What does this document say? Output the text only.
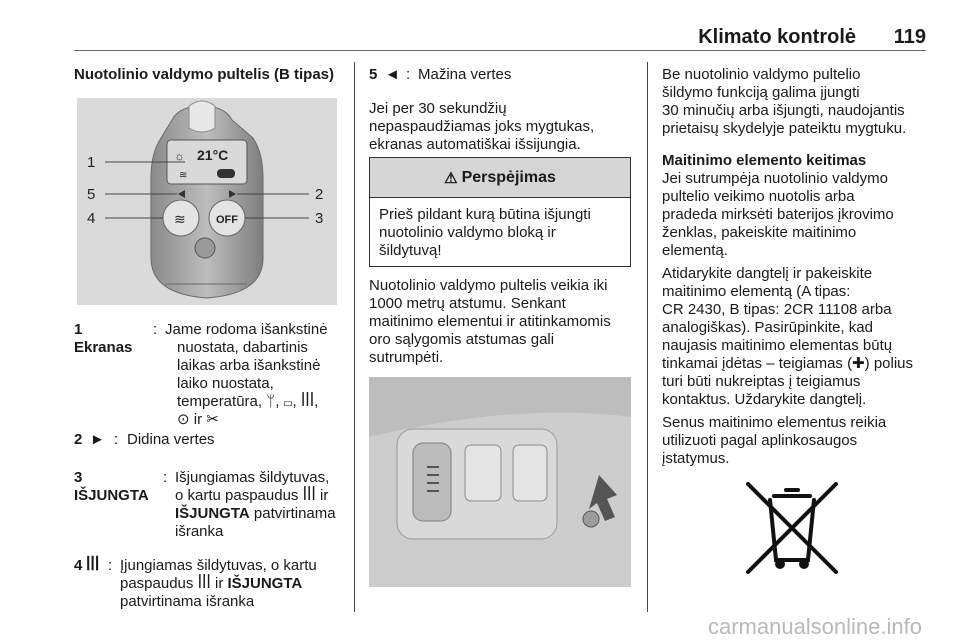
Klimato kontrolė	119
Nuotolinio valdymo pultelis (B tipas)
21°C
☼
≋
≋	OFF
1
2
3
4
5
1
Ekranas
: Jame rodoma išankstinė
nuostata, dabartinis
laikas arba išankstinė
laiko nuostata,
temperatūra, ᛘ, ▭, ꟾꟾꟾ,
⊙ ir ✂
2 ► : Didina vertes
3
IŠJUNGTA
: Išjungiamas šildytuvas,
o kartu paspaudus ꟾꟾꟾ ir
IŠJUNGTA patvirtinama
išranka
4 ꟾꟾꟾ : Įjungiamas šildytuvas, o kartu
paspaudus ꟾꟾꟾ ir IŠJUNGTA
patvirtinama išranka
5 ◄ : Mažina vertes
Jei per 30 sekundžių
nepaspaudžiamas joks mygtukas,
ekranas automatiškai išsijungia.
⚠ Perspėjimas
Prieš pildant kurą būtina išjungti
nuotolinio valdymo bloką ir
šildytuvą!
Nuotolinio valdymo pultelis veikia iki
1000 metrų atstumu. Senkant
maitinimo elementui ir atitinkamomis
oro sąlygomis atstumas gali
sutrumpėti.
Be nuotolinio valdymo pultelio
šildymo funkciją galima įjungti
30 minučių arba išjungti, naudojantis
prietaisų skydelyje pateiktu mygtuku.
Maitinimo elemento keitimas
Jei sutrumpėja nuotolinio valdymo
pultelio veikimo nuotolis arba
pradeda mirksėti baterijos įkrovimo
ženklas, pakeiskite maitinimo
elementą.
Atidarykite dangtelį ir pakeiskite
maitinimo elementą (A tipas:
CR 2430, B tipas: 2CR 11108 arba
analogiškas). Pasirūpinkite, kad
naujasis maitinimo elementas būtų
tinkamai įdėtas – teigiamas (✚) polius
turi būti nukreiptas į teigiamus
kontaktus. Uždarykite dangtelį.
Senus maitinimo elementus reikia
utilizuoti pagal aplinkosaugos
įstatymus.
carmanualsonline.info
